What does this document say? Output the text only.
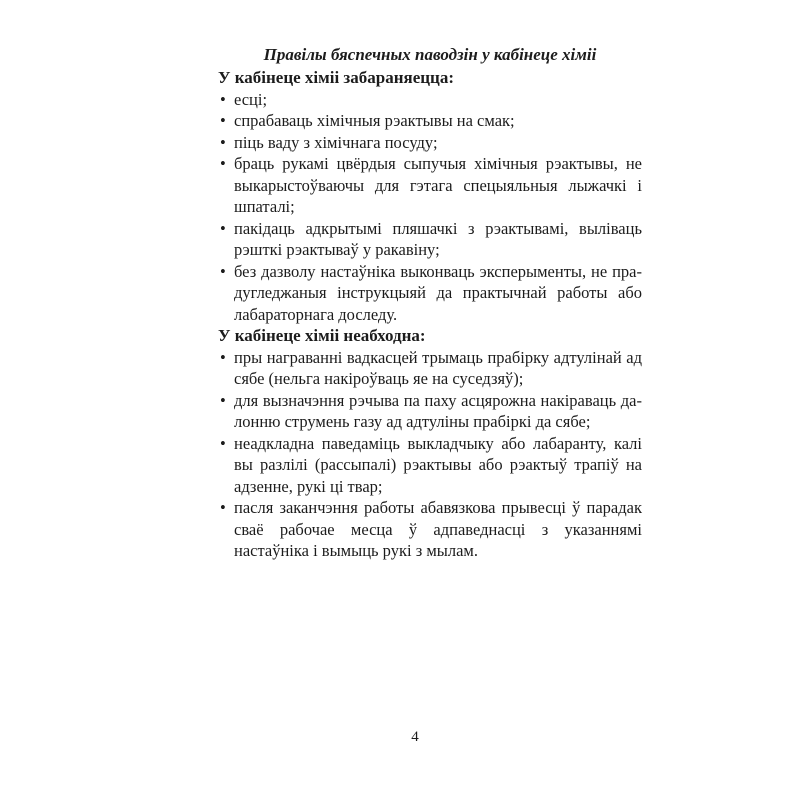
Правілы бяспечных паводзін у кабінеце хіміі

У кабінеце хіміі забараняецца:

• есці;
• спрабаваць хімічныя рэактывы на смак;
• піць ваду з хімічнага посуду;
• браць рукамі цвёрдыя сыпучыя хімічныя рэактывы, не выкарыстоўваючы для гэтага спецыяльныя лыжачкі і шпаталі;
• пакідаць адкрытымі пляшачкі з рэактывамі, выліваць рэшткі рэактываў у ракавіну;
• без дазволу настаўніка выконваць эксперыменты, не прадугледжаныя інструкцыяй да практычнай работы або лабараторнага доследу.

У кабінеце хіміі неабходна:

• пры награванні вадкасцей трымаць прабірку адтулінай ад сябе (нельга накіроўваць яе на суседзяў);
• для вызначэння рэчыва па паху асцярожна накіраваць далонню струмень газу ад адтуліны прабіркі да сябе;
• неадкладна паведаміць выкладчыку або лабаранту, калі вы разлілі (рассыпалі) рэактывы або рэактыў трапіў на адзенне, рукі ці твар;
• пасля заканчэння работы абавязкова прывесці ў парадак сваё рабочае месца ў адпаведнасці з указаннямі настаўніка і вымыць рукі з мылам.
4
